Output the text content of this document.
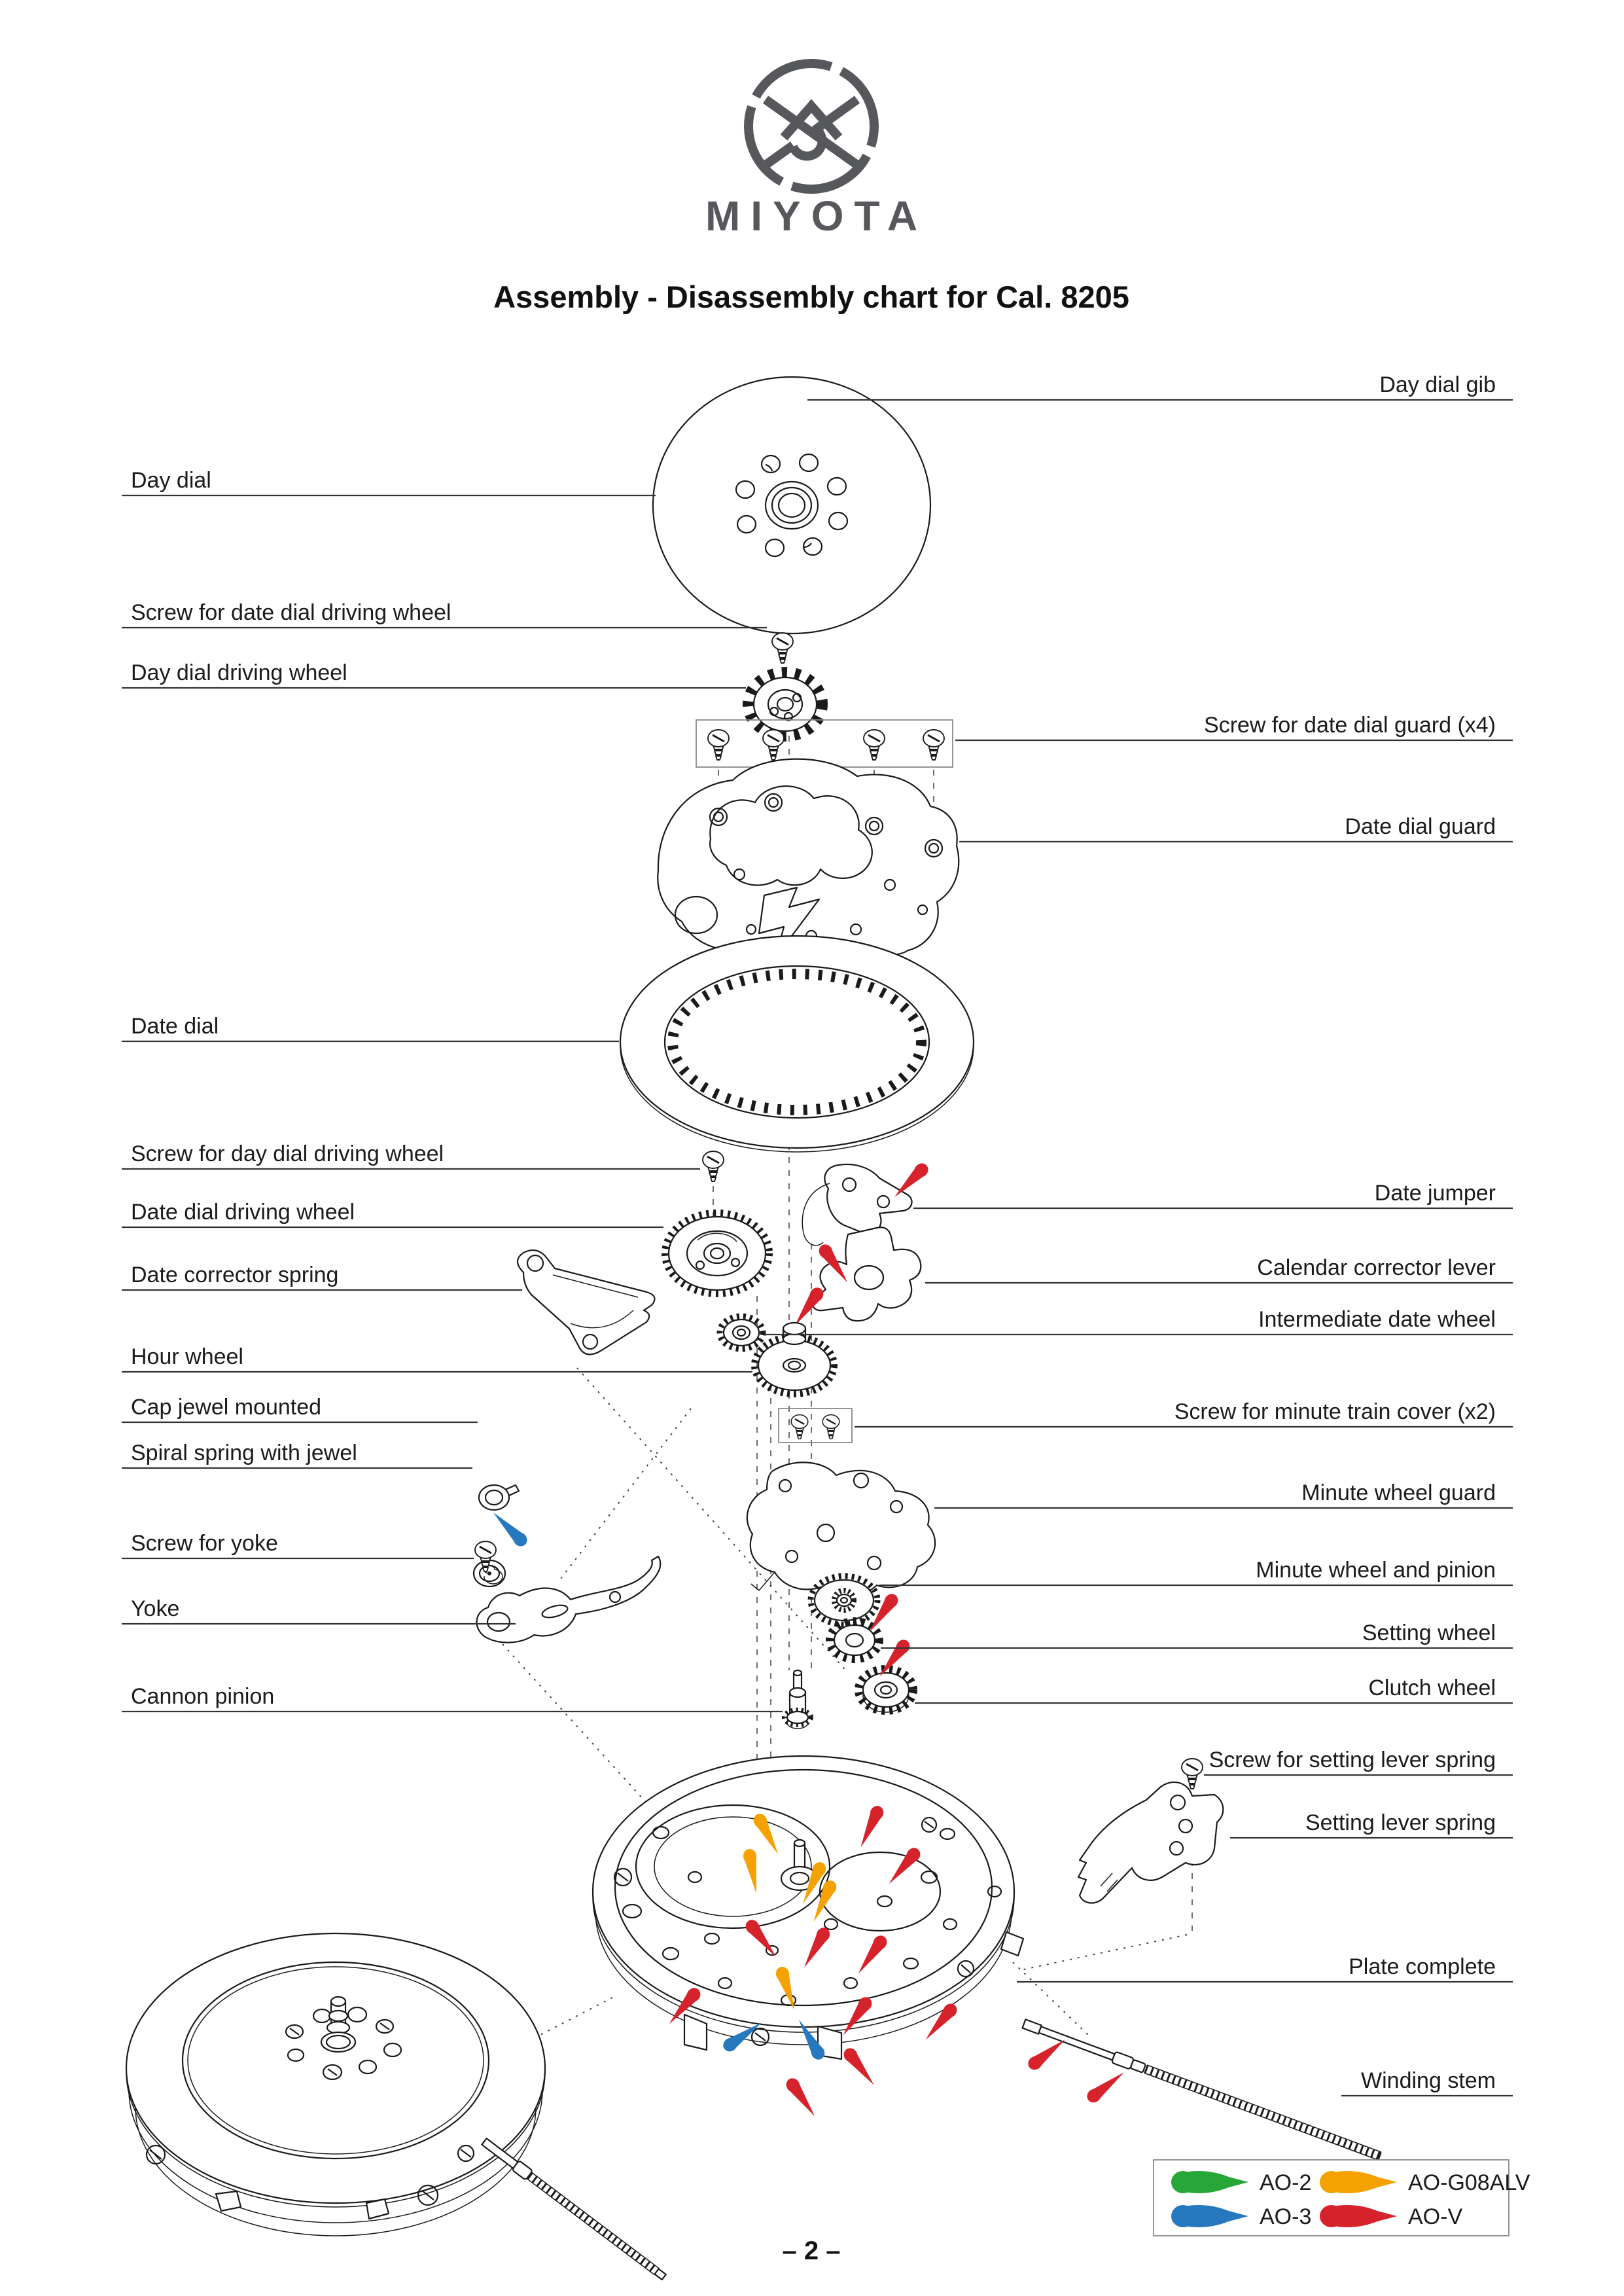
MIYOTA
Assembly - Disassembly chart for Cal. 8205
Day dial
Screw for date dial driving wheel
Day dial driving wheel
Date dial
Screw for day dial driving wheel
Date dial driving wheel
Date corrector spring
Hour wheel
Cap jewel mounted
Spiral spring with jewel
Screw for yoke
Yoke
Cannon pinion
Day dial gib
Screw for date dial guard (x4)
Date dial guard
Date jumper
Calendar corrector lever
Intermediate date wheel
Screw for minute train cover (x2)
Minute wheel guard
Minute wheel and pinion
Setting wheel
Clutch wheel
Screw for setting lever spring
Setting lever spring
Plate complete
Winding stem
AO-2
AO-3
AO-G08ALV
AO-V
– 2 –
